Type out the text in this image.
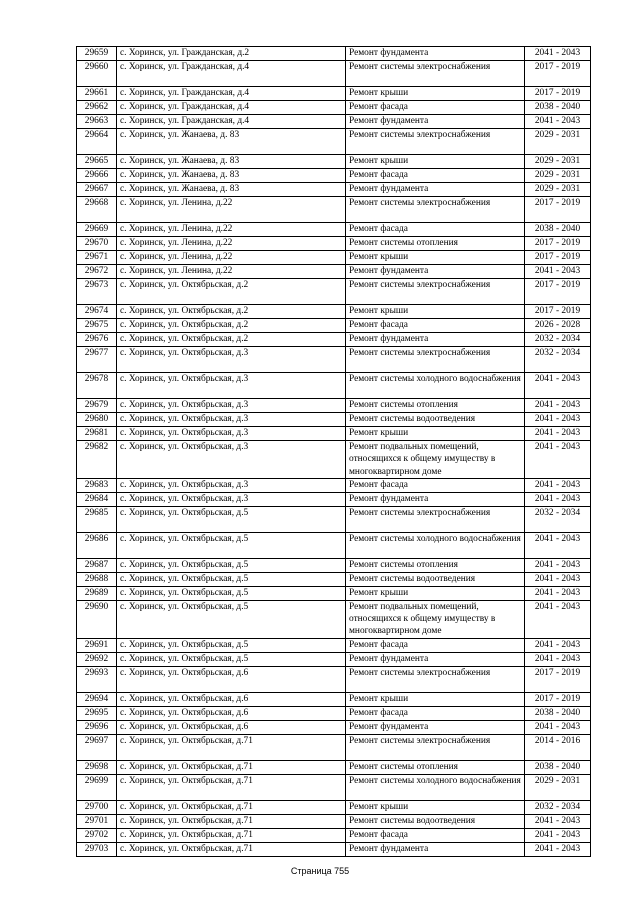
29659	с. Хоринск, ул. Гражданская, д.2	Ремонт фундамента	2041 - 2043
29660	с. Хоринск, ул. Гражданская, д.4	Ремонт системы электроснабжения	2017 - 2019
29661	с. Хоринск, ул. Гражданская, д.4	Ремонт крыши	2017 - 2019
29662	с. Хоринск, ул. Гражданская, д.4	Ремонт фасада	2038 - 2040
29663	с. Хоринск, ул. Гражданская, д.4	Ремонт фундамента	2041 - 2043
29664	с. Хоринск, ул. Жанаева, д. 83	Ремонт системы электроснабжения	2029 - 2031
29665	с. Хоринск, ул. Жанаева, д. 83	Ремонт крыши	2029 - 2031
29666	с. Хоринск, ул. Жанаева, д. 83	Ремонт фасада	2029 - 2031
29667	с. Хоринск, ул. Жанаева, д. 83	Ремонт фундамента	2029 - 2031
29668	с. Хоринск, ул. Ленина, д.22	Ремонт системы электроснабжения	2017 - 2019
29669	с. Хоринск, ул. Ленина, д.22	Ремонт фасада	2038 - 2040
29670	с. Хоринск, ул. Ленина, д.22	Ремонт системы отопления	2017 - 2019
29671	с. Хоринск, ул. Ленина, д.22	Ремонт крыши	2017 - 2019
29672	с. Хоринск, ул. Ленина, д.22	Ремонт фундамента	2041 - 2043
29673	с. Хоринск, ул. Октябрьская, д.2	Ремонт системы электроснабжения	2017 - 2019
29674	с. Хоринск, ул. Октябрьская, д.2	Ремонт крыши	2017 - 2019
29675	с. Хоринск, ул. Октябрьская, д.2	Ремонт фасада	2026 - 2028
29676	с. Хоринск, ул. Октябрьская, д.2	Ремонт фундамента	2032 - 2034
29677	с. Хоринск, ул. Октябрьская, д.3	Ремонт системы электроснабжения	2032 - 2034
29678	с. Хоринск, ул. Октябрьская, д.3	Ремонт системы холодного водоснабжения	2041 - 2043
29679	с. Хоринск, ул. Октябрьская, д.3	Ремонт системы отопления	2041 - 2043
29680	с. Хоринск, ул. Октябрьская, д.3	Ремонт системы водоотведения	2041 - 2043
29681	с. Хоринск, ул. Октябрьская, д.3	Ремонт крыши	2041 - 2043
29682	с. Хоринск, ул. Октябрьская, д.3	Ремонт подвальных помещений, относящихся к общему имуществу в многоквартирном доме	2041 - 2043
29683	с. Хоринск, ул. Октябрьская, д.3	Ремонт фасада	2041 - 2043
29684	с. Хоринск, ул. Октябрьская, д.3	Ремонт фундамента	2041 - 2043
29685	с. Хоринск, ул. Октябрьская, д.5	Ремонт системы электроснабжения	2032 - 2034
29686	с. Хоринск, ул. Октябрьская, д.5	Ремонт системы холодного водоснабжения	2041 - 2043
29687	с. Хоринск, ул. Октябрьская, д.5	Ремонт системы отопления	2041 - 2043
29688	с. Хоринск, ул. Октябрьская, д.5	Ремонт системы водоотведения	2041 - 2043
29689	с. Хоринск, ул. Октябрьская, д.5	Ремонт крыши	2041 - 2043
29690	с. Хоринск, ул. Октябрьская, д.5	Ремонт подвальных помещений, относящихся к общему имуществу в многоквартирном доме	2041 - 2043
29691	с. Хоринск, ул. Октябрьская, д.5	Ремонт фасада	2041 - 2043
29692	с. Хоринск, ул. Октябрьская, д.5	Ремонт фундамента	2041 - 2043
29693	с. Хоринск, ул. Октябрьская, д.6	Ремонт системы электроснабжения	2017 - 2019
29694	с. Хоринск, ул. Октябрьская, д.6	Ремонт крыши	2017 - 2019
29695	с. Хоринск, ул. Октябрьская, д.6	Ремонт фасада	2038 - 2040
29696	с. Хоринск, ул. Октябрьская, д.6	Ремонт фундамента	2041 - 2043
29697	с. Хоринск, ул. Октябрьская, д.71	Ремонт системы электроснабжения	2014 - 2016
29698	с. Хоринск, ул. Октябрьская, д.71	Ремонт системы отопления	2038 - 2040
29699	с. Хоринск, ул. Октябрьская, д.71	Ремонт системы холодного водоснабжения	2029 - 2031
29700	с. Хоринск, ул. Октябрьская, д.71	Ремонт крыши	2032 - 2034
29701	с. Хоринск, ул. Октябрьская, д.71	Ремонт системы водоотведения	2041 - 2043
29702	с. Хоринск, ул. Октябрьская, д.71	Ремонт фасада	2041 - 2043
29703	с. Хоринск, ул. Октябрьская, д.71	Ремонт фундамента	2041 - 2043
Страница 755
